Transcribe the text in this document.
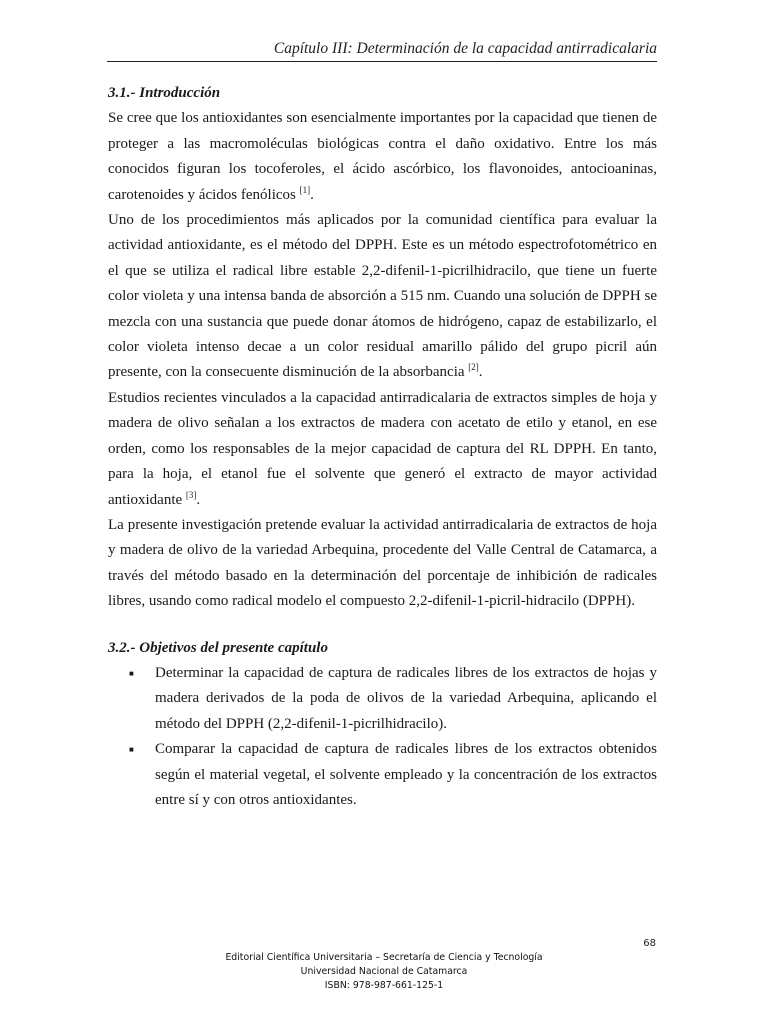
Capítulo III: Determinación de la capacidad antirradicalaria
3.1.- Introducción

Se cree que los antioxidantes son esencialmente importantes por la capacidad que tienen de proteger a las macromoléculas biológicas contra el daño oxidativo. Entre los más conocidos figuran los tocoferoles, el ácido ascórbico, los flavonoides, antocioaninas, carotenoides y ácidos fenólicos [1].

Uno de los procedimientos más aplicados por la comunidad científica para evaluar la actividad antioxidante, es el método del DPPH. Este es un método espectrofotométrico en el que se utiliza el radical libre estable 2,2-difenil-1-picrilhidracilo, que tiene un fuerte color violeta y una intensa banda de absorción a 515 nm. Cuando una solución de DPPH se mezcla con una sustancia que puede donar átomos de hidrógeno, capaz de estabilizarlo, el color violeta intenso decae a un color residual amarillo pálido del grupo picril aún presente, con la consecuente disminución de la absorbancia [2].

Estudios recientes vinculados a la capacidad antirradicalaria de extractos simples de hoja y madera de olivo señalan a los extractos de madera con acetato de etilo y etanol, en ese orden, como los responsables de la mejor capacidad de captura del RL DPPH. En tanto, para la hoja, el etanol fue el solvente que generó el extracto de mayor actividad antioxidante [3].

La presente investigación pretende evaluar la actividad antirradicalaria de extractos de hoja y madera de olivo de la variedad Arbequina, procedente del Valle Central de Catamarca, a través del método basado en la determinación del porcentaje de inhibición de radicales libres, usando como radical modelo el compuesto 2,2-difenil-1-picril-hidracilo (DPPH).

3.2.- Objetivos del presente capítulo
■ Determinar la capacidad de captura de radicales libres de los extractos de hojas y madera derivados de la poda de olivos de la variedad Arbequina, aplicando el método del DPPH (2,2-difenil-1-picrilhidracilo).
■ Comparar la capacidad de captura de radicales libres de los extractos obtenidos según el material vegetal, el solvente empleado y la concentración de los extractos entre sí y con otros antioxidantes.
68
Editorial Científica Universitaria – Secretaría de Ciencia y Tecnología
Universidad Nacional de Catamarca
ISBN: 978-987-661-125-1
